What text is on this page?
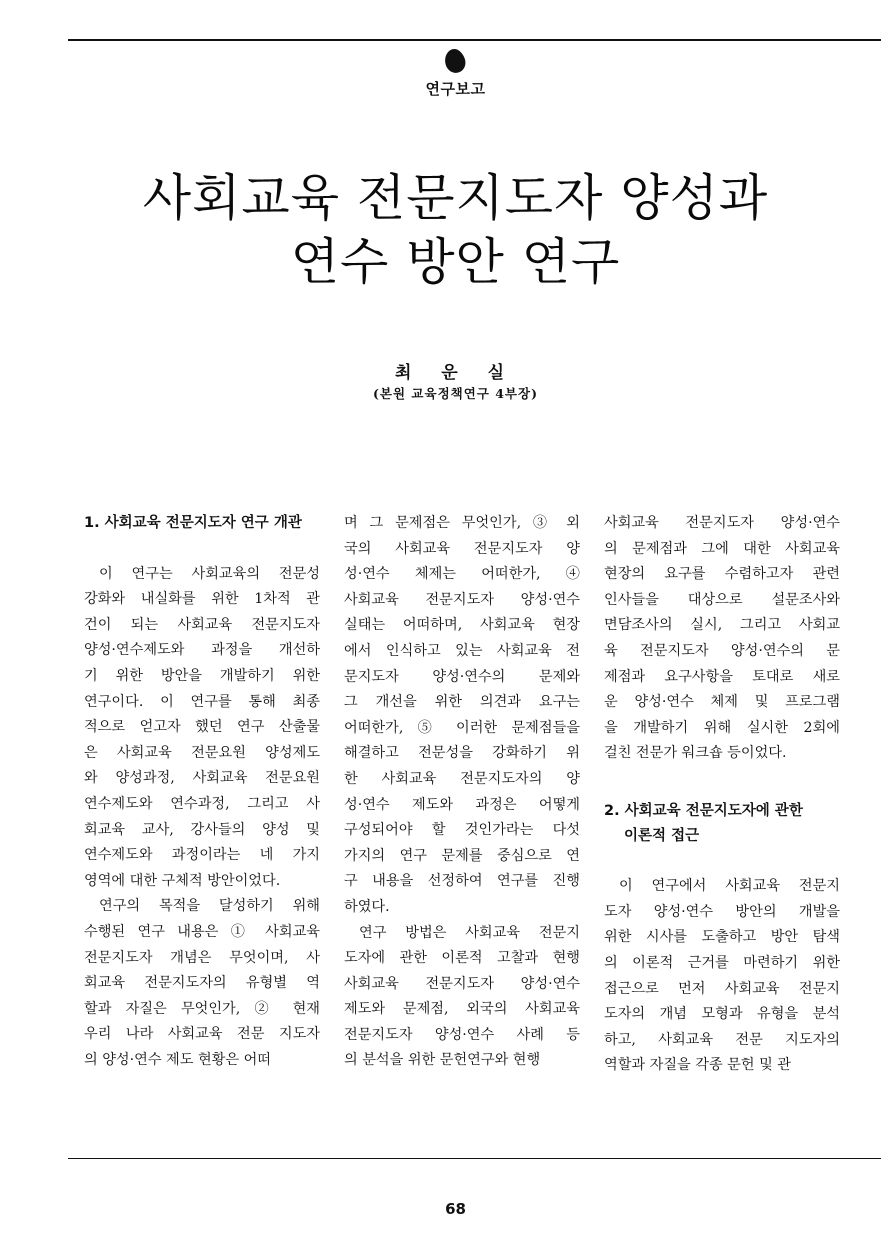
연구보고
사회교육 전문지도자 양성과
연수 방안 연구
최 운 실
(본원 교육정책연구 4부장)
1. 사회교육 전문지도자 연구 개관
이 연구는 사회교육의 전문성
강화와 내실화를 위한 1차적 관
건이 되는 사회교육 전문지도자
양성·연수제도와 과정을 개선하
기 위한 방안을 개발하기 위한
연구이다. 이 연구를 통해 최종
적으로 얻고자 했던 연구 산출물
은 사회교육 전문요원 양성제도
와 양성과정, 사회교육 전문요원
연수제도와 연수과정, 그리고 사
회교육 교사, 강사들의 양성 및
연수제도와 과정이라는 네 가지
영역에 대한 구체적 방안이었다.
연구의 목적을 달성하기 위해
수행된 연구 내용은 ① 사회교육
전문지도자 개념은 무엇이며, 사
회교육 전문지도자의 유형별 역
할과 자질은 무엇인가, ② 현재
우리 나라 사회교육 전문 지도자
의 양성·연수 제도 현황은 어떠
며 그 문제점은 무엇인가, ③ 외
국의 사회교육 전문지도자 양
성·연수 체제는 어떠한가, ④
사회교육 전문지도자 양성·연수
실태는 어떠하며, 사회교육 현장
에서 인식하고 있는 사회교육 전
문지도자 양성·연수의 문제와
그 개선을 위한 의견과 요구는
어떠한가, ⑤ 이러한 문제점들을
해결하고 전문성을 강화하기 위
한 사회교육 전문지도자의 양
성·연수 제도와 과정은 어떻게
구성되어야 할 것인가라는 다섯
가지의 연구 문제를 중심으로 연
구 내용을 선정하여 연구를 진행
하였다.
연구 방법은 사회교육 전문지
도자에 관한 이론적 고찰과 현행
사회교육 전문지도자 양성·연수
제도와 문제점, 외국의 사회교육
전문지도자 양성·연수 사례 등
의 분석을 위한 문헌연구와 현행
사회교육 전문지도자 양성·연수
의 문제점과 그에 대한 사회교육
현장의 요구를 수렴하고자 관련
인사들을 대상으로 설문조사와
면담조사의 실시, 그리고 사회교
육 전문지도자 양성·연수의 문
제점과 요구사항을 토대로 새로
운 양성·연수 체제 및 프로그램
을 개발하기 위해 실시한 2회에
걸친 전문가 워크숍 등이었다.
2. 사회교육 전문지도자에 관한
이론적 접근
이 연구에서 사회교육 전문지
도자 양성·연수 방안의 개발을
위한 시사를 도출하고 방안 탐색
의 이론적 근거를 마련하기 위한
접근으로 먼저 사회교육 전문지
도자의 개념 모형과 유형을 분석
하고, 사회교육 전문 지도자의
역할과 자질을 각종 문헌 및 관
68
